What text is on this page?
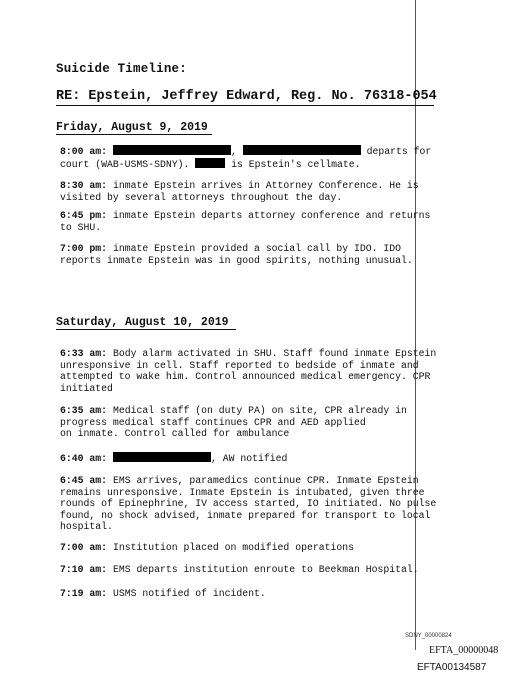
Suicide Timeline:
RE: Epstein, Jeffrey Edward, Reg. No. 76318-054
Friday, August 9, 2019
8:00 am:	,	departs for
court (WAB-USMS-SDNY).	is Epstein's cellmate.
8:30 am: inmate Epstein arrives in Attorney Conference. He is
visited by several attorneys throughout the day.
6:45 pm: inmate Epstein departs attorney conference and returns
to SHU.
7:00 pm: inmate Epstein provided a social call by IDO. IDO
reports inmate Epstein was in good spirits, nothing unusual.
Saturday, August 10, 2019
6:33 am: Body alarm activated in SHU. Staff found inmate Epstein
unresponsive in cell. Staff reported to bedside of inmate and
attempted to wake him. Control announced medical emergency. CPR
initiated
6:35 am: Medical staff (on duty PA) on site, CPR already in
progress medical staff continues CPR and AED applied
on inmate. Control called for ambulance
6:40 am:	, AW notified
6:45 am: EMS arrives, paramedics continue CPR. Inmate Epstein
remains unresponsive. Inmate Epstein is intubated, given three
rounds of Epinephrine, IV access started, IO initiated. No pulse
found, no shock advised, inmate prepared for transport to local
hospital.
7:00 am: Institution placed on modified operations
7:10 am: EMS departs institution enroute to Beekman Hospital.
7:19 am: USMS notified of incident.
SDNY_00000824
EFTA_00000048
EFTA00134587
